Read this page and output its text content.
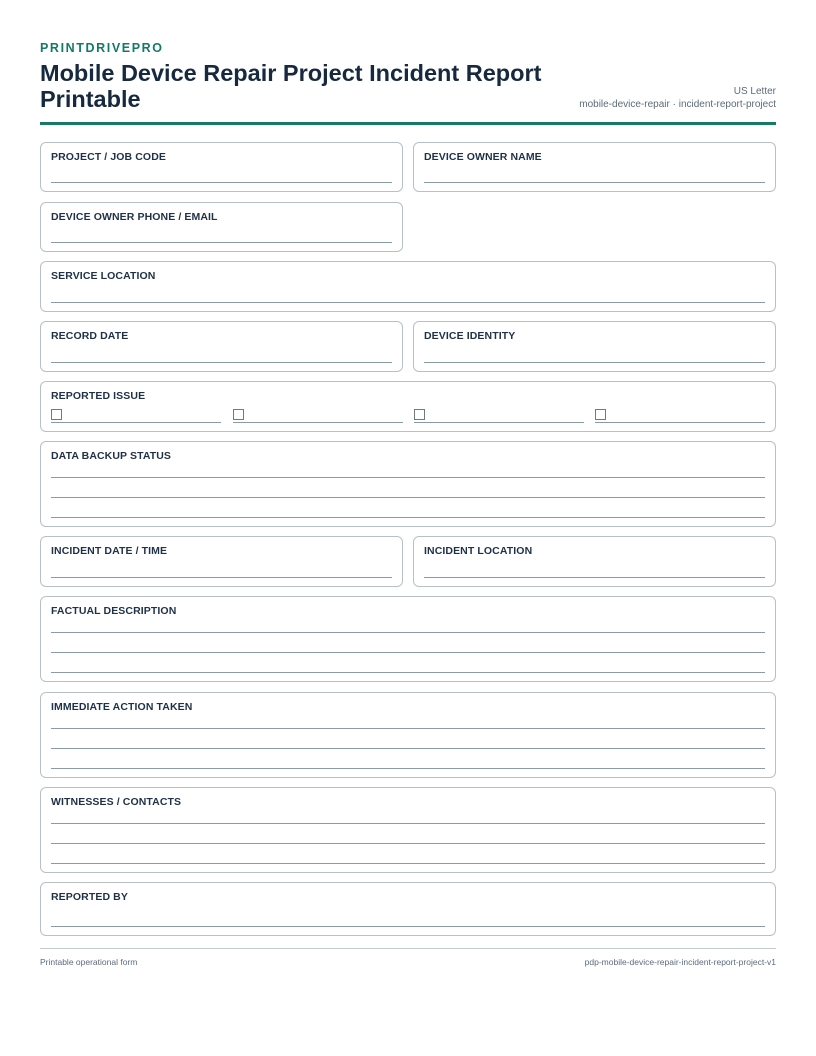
PRINTDRIVEPRO
Mobile Device Repair Project Incident Report Printable	US Letter
mobile-device-repair · incident-report-project
PROJECT / JOB CODE	DEVICE OWNER NAME
DEVICE OWNER PHONE / EMAIL
SERVICE LOCATION
RECORD DATE	DEVICE IDENTITY
REPORTED ISSUE
DATA BACKUP STATUS
INCIDENT DATE / TIME	INCIDENT LOCATION
FACTUAL DESCRIPTION
IMMEDIATE ACTION TAKEN
WITNESSES / CONTACTS
REPORTED BY
Printable operational form	pdp-mobile-device-repair-incident-report-project-v1
